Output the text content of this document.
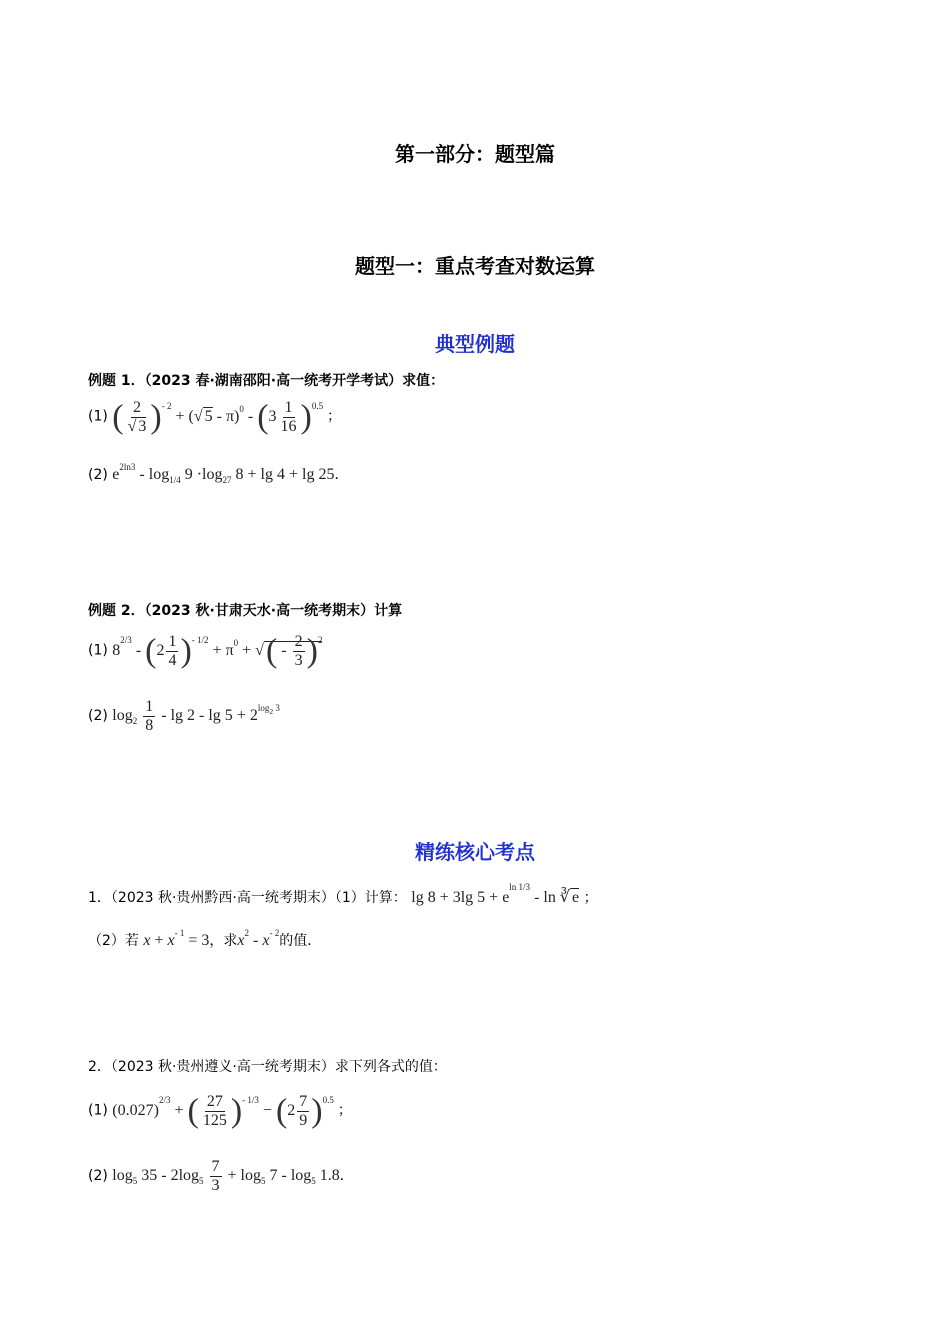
第一部分：题型篇
题型一：重点考查对数运算
典型例题
例题 1．（2023 春·湖南邵阳·高一统考开学考试）求值：
(1) ( $\frac{2}{√ 3} )^{- 2}$ + (√ $5 - \pi)^0 - (3 \frac{1}{16} )^{0.5}$ ；
(2) $e^{2ln3} - \log_{1/4} 9 \cdot\log_{27}$ 8 + lg 4 + lg 25．
例题 2．（2023 秋·甘肃天水·高一统考期末）计算
(1) $8^{2/3} - (2 \frac{1}{4} )^{- 1/2} + \pi^0$ + √( - $\frac{2}{3} )^2$
(2) $\log_2 \frac{1}{8} - \lg 2 - \lg 5 + 2^{log_2 3}$
精练核心考点
1．（2023 秋·贵州黔西·高一统考期末）（1）计算： lg 8 + 3lg $5 + e^{ln 1/3} - \ln$ ∛ e ；
（2）若 $x + x^{- 1} = 3$，求$x^2 - x^{- 2}$的值．
2．（2023 秋·贵州遵义·高一统考期末）求下列各式的值：
(1) $(0.027)^{2/3}$ + ( $\frac{27}{125} )^{- 1/3} - (2 \frac{7}{9} )^{0.5}$ ；
(2) $\log_5 35 - 2\log_5 \frac{7}{3} + \log_5 7 - \log_5 1.8$．
